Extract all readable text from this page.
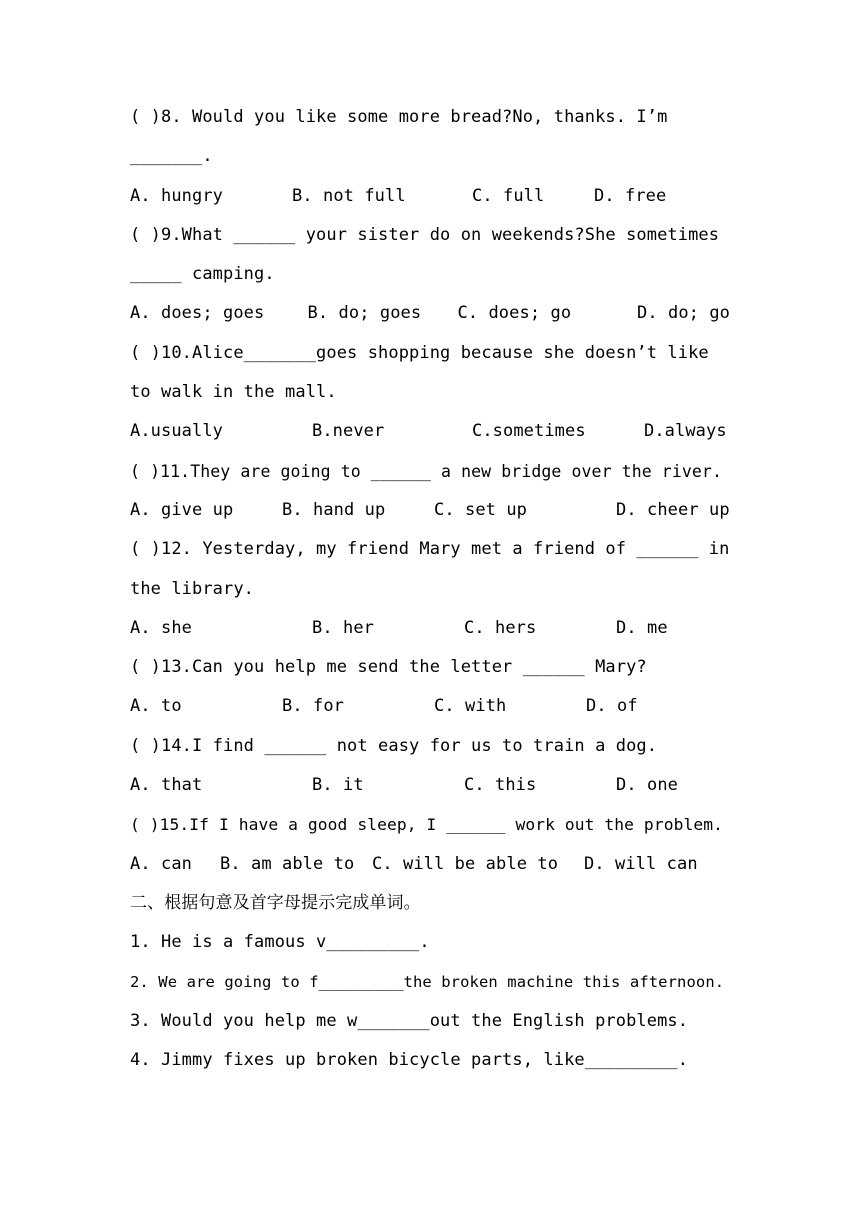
( )8. Would you like some more bread?No, thanks. I’m
_______.
A. hungry	B. not full	C. full	D. free
( )9.What ______ your sister do on weekends?She sometimes
_____ camping.
A. does; goes	B. do; goes	C. does; go	D. do; go
( )10.Alice_______goes shopping because she doesn’t like
to walk in the mall.
A.usually	B.never	C.sometimes	D.always
( )11.They are going to ______ a new bridge over the river.
A. give up	B. hand up	C. set up	D. cheer up
( )12. Yesterday, my friend Mary met a friend of ______ in
the library.
A. she	B. her	C. hers	D. me
( )13.Can you help me send the letter ______ Mary?
A. to	B. for	C. with	D. of
( )14.I find ______ not easy for us to train a dog.
A. that	B. it	C. this	D. one
( )15.If I have a good sleep, I ______ work out the problem.
A. can	B. am able to	C. will be able to	D. will can
二、根据句意及首字母提示完成单词。
1. He is a famous v_________.
2. We are going to f_________the broken machine this afternoon.
3. Would you help me w_______out the English problems.
4. Jimmy fixes up broken bicycle parts, like_________.
